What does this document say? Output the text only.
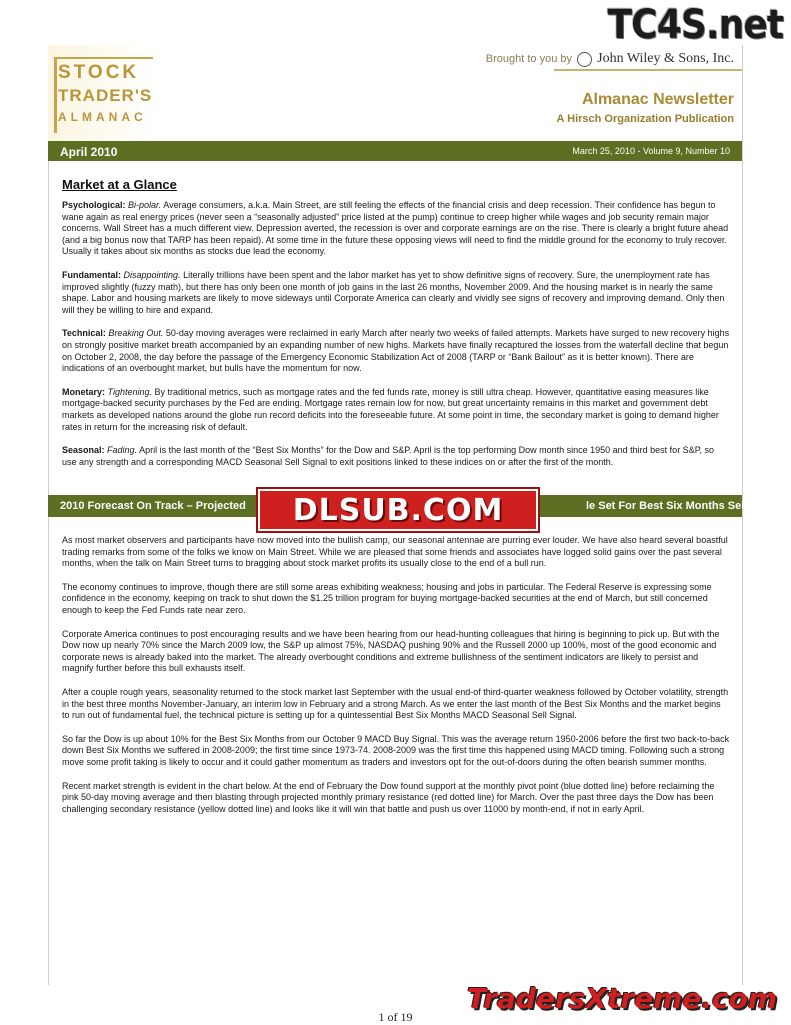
TC4S.net
STOCK
TRADER'S
ALMANAC
Brought to you by John Wiley & Sons, Inc.
Almanac Newsletter
A Hirsch Organization Publication
April 2010	March 25, 2010 - Volume 9, Number 10
Market at a Glance

Psychological: Bi-polar. Average consumers, a.k.a. Main Street, are still feeling the effects of the financial crisis and deep recession. Their confidence has begun to wane again as real energy prices (never seen a “seasonally adjusted” price listed at the pump) continue to creep higher while wages and job security remain major concerns. Wall Street has a much different view. Depression averted, the recession is over and corporate earnings are on the rise. There is clearly a bright future ahead (and a big bonus now that TARP has been repaid). At some time in the future these opposing views will need to find the middle ground for the economy to truly recover. Usually it takes about six months as stocks due lead the economy.

Fundamental: Disappointing. Literally trillions have been spent and the labor market has yet to show definitive signs of recovery. Sure, the unemployment rate has improved slightly (fuzzy math), but there has only been one month of job gains in the last 26 months, November 2009. And the housing market is in nearly the same shape. Labor and housing markets are likely to move sideways until Corporate America can clearly and vividly see signs of recovery and improving demand. Only then will they be willing to hire and expand.

Technical: Breaking Out. 50-day moving averages were reclaimed in early March after nearly two weeks of failed attempts. Markets have surged to new recovery highs on strongly positive market breath accompanied by an expanding number of new highs. Markets have finally recaptured the losses from the waterfall decline that begun on October 2, 2008, the day before the passage of the Emergency Economic Stabilization Act of 2008 (TARP or “Bank Bailout” as it is better known). There are indications of an overbought market, but bulls have the momentum for now.

Monetary: Tightening. By traditional metrics, such as mortgage rates and the fed funds rate, money is still ultra cheap. However, quantitative easing measures like mortgage-backed security purchases by the Fed are ending. Mortgage rates remain low for now, but great uncertainty remains in this market and government debt markets as developed nations around the globe run record deficits into the foreseeable future. At some point in time, the secondary market is going to demand higher rates in return for the increasing risk of default.

Seasonal: Fading. April is the last month of the “Best Six Months” for the Dow and S&P. April is the top performing Dow month since 1950 and third best for S&P, so use any strength and a corresponding MACD Seasonal Sell Signal to exit positions linked to these indices on or after the first of the month.

2010 Forecast On Track – Projected	le Set For Best Six Months Sell
DLSUB.COM

As most market observers and participants have now moved into the bullish camp, our seasonal antennae are purring ever louder. We have also heard several boastful trading remarks from some of the folks we know on Main Street. While we are pleased that some friends and associates have logged solid gains over the past several months, when the talk on Main Street turns to bragging about stock market profits its usually close to the end of a bull run.

The economy continues to improve, though there are still some areas exhibiting weakness; housing and jobs in particular. The Federal Reserve is expressing some confidence in the economy, keeping on track to shut down the $1.25 trillion program for buying mortgage-backed securities at the end of March, but still concerned enough to keep the Fed Funds rate near zero.

Corporate America continues to post encouraging results and we have been hearing from our head-hunting colleagues that hiring is beginning to pick up. But with the Dow now up nearly 70% since the March 2009 low, the S&P up almost 75%, NASDAQ pushing 90% and the Russell 2000 up 100%, most of the good economic and corporate news is already baked into the market. The already overbought conditions and extreme bullishness of the sentiment indicators are likely to persist and magnify further before this bull exhausts itself.

After a couple rough years, seasonality returned to the stock market last September with the usual end-of third-quarter weakness followed by October volatility, strength in the best three months November-January, an interim low in February and a strong March. As we enter the last month of the Best Six Months and the market begins to run out of fundamental fuel, the technical picture is setting up for a quintessential Best Six Months MACD Seasonal Sell Signal.

So far the Dow is up about 10% for the Best Six Months from our October 9 MACD Buy Signal. This was the average return 1950-2006 before the first two back-to-back down Best Six Months we suffered in 2008-2009; the first time since 1973-74. 2008-2009 was the first time this happened using MACD timing. Following such a strong move some profit taking is likely to occur and it could gather momentum as traders and investors opt for the out-of-doors during the often bearish summer months.

Recent market strength is evident in the chart below. At the end of February the Dow found support at the monthly pivot point (blue dotted line) before reclaiming the pink 50-day moving average and then blasting through projected monthly primary resistance (red dotted line) for March. Over the past three days the Dow has been challenging secondary resistance (yellow dotted line) and looks like it will win that battle and push us over 11000 by month-end, if not in early April.

1 of 19
TradersXtreme.com
